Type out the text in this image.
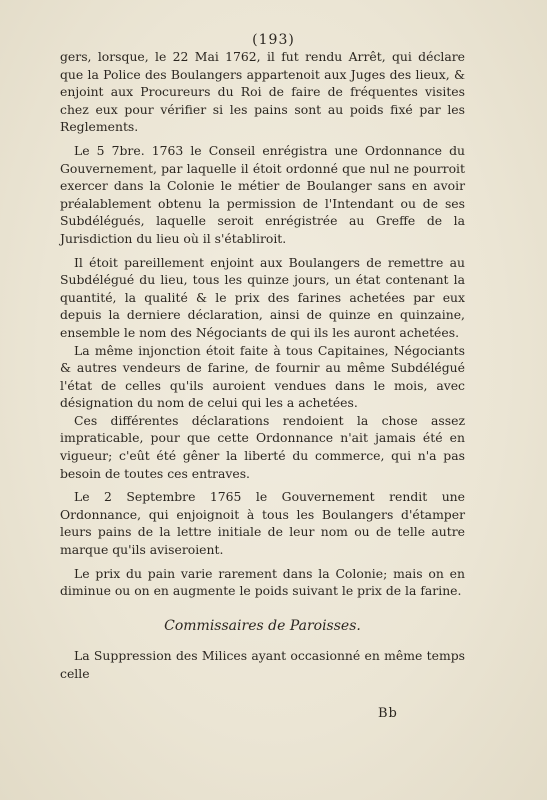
(193)

gers, lorsque, le 22 Mai 1762, il fut rendu Arrêt, qui déclare que la Police des Boulangers appartenoit aux Juges des lieux, & enjoint aux Procureurs du Roi de faire de fréquentes visites chez eux pour vérifier si les pains sont au poids fixé par les Reglements.

Le 5 7bre. 1763 le Conseil enrégistra une Ordonnance du Gouvernement, par laquelle il étoit ordonné que nul ne pourroit exercer dans la Colonie le métier de Boulanger sans en avoir préalablement obtenu la permission de l'Intendant ou de ses Subdélégués, laquelle seroit enrégistrée au Greffe de la Jurisdiction du lieu où il s'établiroit.

Il étoit pareillement enjoint aux Boulangers de remettre au Subdélégué du lieu, tous les quinze jours, un état contenant la quantité, la qualité & le prix des farines achetées par eux depuis la derniere déclaration, ainsi de quinze en quinzaine, ensemble le nom des Négociants de qui ils les auront achetées.

La même injonction étoit faite à tous Capitaines, Négociants & autres vendeurs de farine, de fournir au même Subdélégué l'état de celles qu'ils auroient vendues dans le mois, avec désignation du nom de celui qui les a achetées.

Ces différentes déclarations rendoient la chose assez impraticable, pour que cette Ordonnance n'ait jamais été en vigueur; c'eût été gêner la liberté du commerce, qui n'a pas besoin de toutes ces entraves.

Le 2 Septembre 1765 le Gouvernement rendit une Ordonnance, qui enjoignoit à tous les Boulangers d'étamper leurs pains de la lettre initiale de leur nom ou de telle autre marque qu'ils aviseroient.

Le prix du pain varie rarement dans la Colonie; mais on en diminue ou on en augmente le poids suivant le prix de la farine.

Commissaires de Paroisses.

La Suppression des Milices ayant occasionné en même temps celle

Bb
